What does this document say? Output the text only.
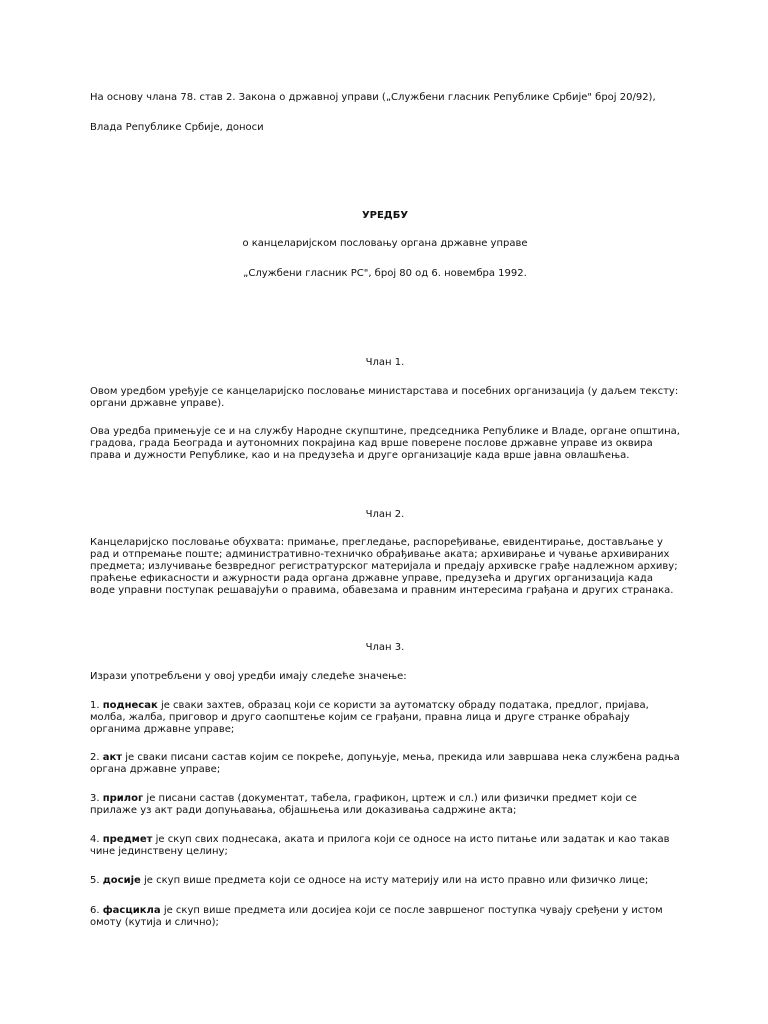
На основу члана 78. став 2. Закона о државној управи („Службени гласник Републике Србије" број 20/92),

Влада Републике Србије, доноси

УРЕДБУ

о канцеларијском пословању органа државне управе

„Службени гласник РС", број 80 од 6. новембра 1992.

Члан 1.

Овом уредбом уређује се канцеларијско пословање министарстава и посебних организација (у даљем тексту: органи државне управе).

Ова уредба примењује се и на службу Народне скупштине, председника Републике и Владе, органе општина, градова, града Београда и аутономних покрајина кад врше поверене послове државне управе из оквира права и дужности Републике, као и на предузећа и друге организације када врше јавна овлашћења.

Члан 2.

Канцеларијско пословање обухвата: примање, прегледање, распоређивање, евидентирање, достављање у рад и отпремање поште; административно-техничко обрађивање аката; архивирање и чување архивираних предмета; излучивање безвредног регистратурског материјала и предају архивске грађе надлежном архиву; праћење ефикасности и ажурности рада органа државне управе, предузећа и других организација када воде управни поступак решавајући о правима, обавезама и правним интересима грађана и других странака.

Члан 3.

Изрази употребљени у овој уредби имају следеће значење:

1. поднесак је сваки захтев, образац који се користи за аутоматску обраду података, предлог, пријава, молба, жалба, приговор и друго саопштење којим се грађани, правна лица и друге странке обраћају органима државне управе;

2. акт је сваки писани састав којим се покреће, допуњује, мења, прекида или завршава нека службена радња органа државне управе;

3. прилог је писани састав (документат, табела, графикон, цртеж и сл.) или физички предмет који се прилаже уз акт ради допуњавања, објашњења или доказивања садржине акта;

4. предмет је скуп свих поднесака, аката и прилога који се односе на исто питање или задатак и као такав чине јединствену целину;

5. досије је скуп више предмета који се односе на исту материју или на исто правно или физичко лице;

6. фасцикла је скуп више предмета или досијеа који се после завршеног поступка чувају сређени у истом омоту (кутија и слично);
